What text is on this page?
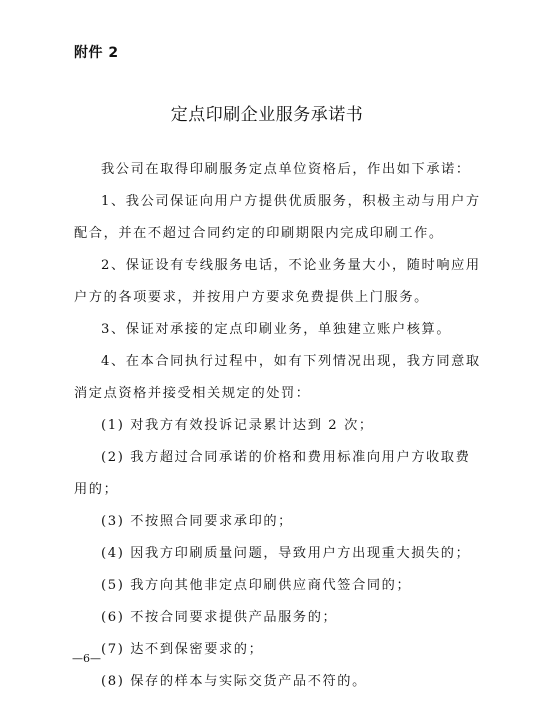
附件 2
定点印刷企业服务承诺书
我公司在取得印刷服务定点单位资格后，作出如下承诺：
1、我公司保证向用户方提供优质服务，积极主动与用户方
配合，并在不超过合同约定的印刷期限内完成印刷工作。
2、保证设有专线服务电话，不论业务量大小，随时响应用
户方的各项要求，并按用户方要求免费提供上门服务。
3、保证对承接的定点印刷业务，单独建立账户核算。
4、在本合同执行过程中，如有下列情况出现，我方同意取
消定点资格并接受相关规定的处罚：
(1) 对我方有效投诉记录累计达到 2 次；
(2) 我方超过合同承诺的价格和费用标准向用户方收取费
用的；
(3) 不按照合同要求承印的；
(4) 因我方印刷质量问题，导致用户方出现重大损失的；
(5) 我方向其他非定点印刷供应商代签合同的；
(6) 不按合同要求提供产品服务的；
(7) 达不到保密要求的；
(8) 保存的样本与实际交货产品不符的。
—6—
